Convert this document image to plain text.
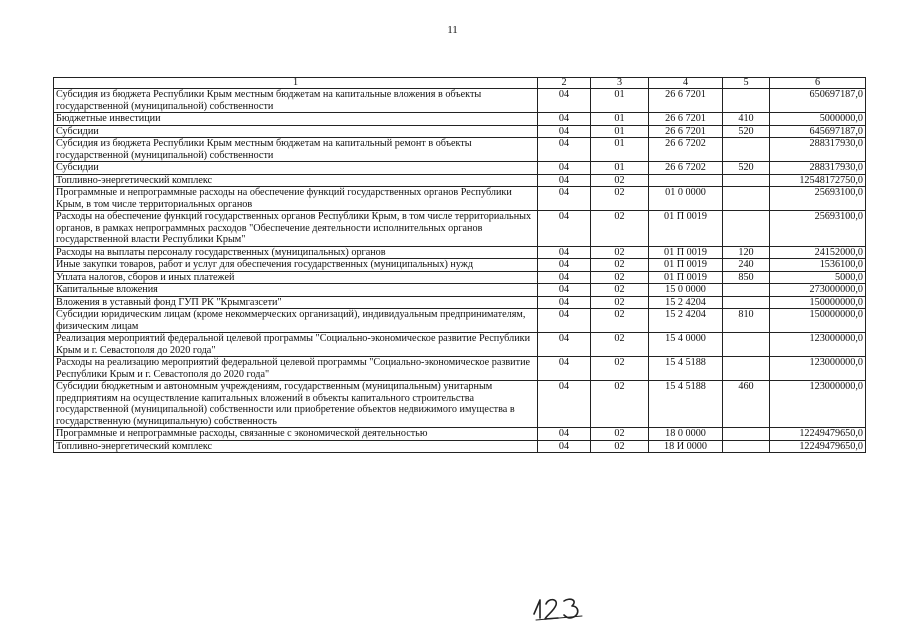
11
1	2	3	4	5	6
Субсидия из бюджета Республики Крым местным бюджетам на капитальные вложения в объекты государственной (муниципальной) собственности	04	01	26 6 7201		650697187,0
Бюджетные инвестиции	04	01	26 6 7201	410	5000000,0
Субсидии	04	01	26 6 7201	520	645697187,0
Субсидия из бюджета Республики Крым местным бюджетам на капитальный ремонт в объекты государственной (муниципальной) собственности	04	01	26 6 7202		288317930,0
Субсидии	04	01	26 6 7202	520	288317930,0
Топливно-энергетический комплекс	04	02			12548172750,0
Программные и непрограммные расходы на обеспечение функций государственных органов Республики Крым, в том числе территориальных органов	04	02	01 0 0000		25693100,0
Расходы на обеспечение функций государственных органов Республики Крым, в том числе территориальных органов, в рамках непрограммных расходов "Обеспечение деятельности исполнительных органов государственной власти Республики Крым"	04	02	01 П 0019		25693100,0
Расходы на выплаты персоналу государственных (муниципальных) органов	04	02	01 П 0019	120	24152000,0
Иные закупки товаров, работ и услуг для обеспечения государственных (муниципальных) нужд	04	02	01 П 0019	240	1536100,0
Уплата налогов, сборов и иных платежей	04	02	01 П 0019	850	5000,0
Капитальные вложения	04	02	15 0 0000		273000000,0
Вложения в уставный фонд ГУП РК "Крымгазсети"	04	02	15 2 4204		150000000,0
Субсидии юридическим лицам (кроме некоммерческих организаций), индивидуальным предпринимателям, физическим лицам	04	02	15 2 4204	810	150000000,0
Реализация мероприятий федеральной целевой программы "Социально-экономическое развитие Республики Крым и г. Севастополя до 2020 года"	04	02	15 4 0000		123000000,0
Расходы на реализацию мероприятий федеральной целевой программы "Социально-экономическое развитие Республики Крым и г. Севастополя до 2020 года"	04	02	15 4 5188		123000000,0
Субсидии бюджетным и автономным учреждениям, государственным (муниципальным) унитарным предприятиям на осуществление капитальных вложений в объекты капитального строительства государственной (муниципальной) собственности или приобретение объектов недвижимого имущества в государственную (муниципальную) собственность	04	02	15 4 5188	460	123000000,0
Программные и непрограммные расходы, связанные с экономической деятельностью	04	02	18 0 0000		12249479650,0
Топливно-энергетический комплекс	04	02	18 И 0000		12249479650,0
